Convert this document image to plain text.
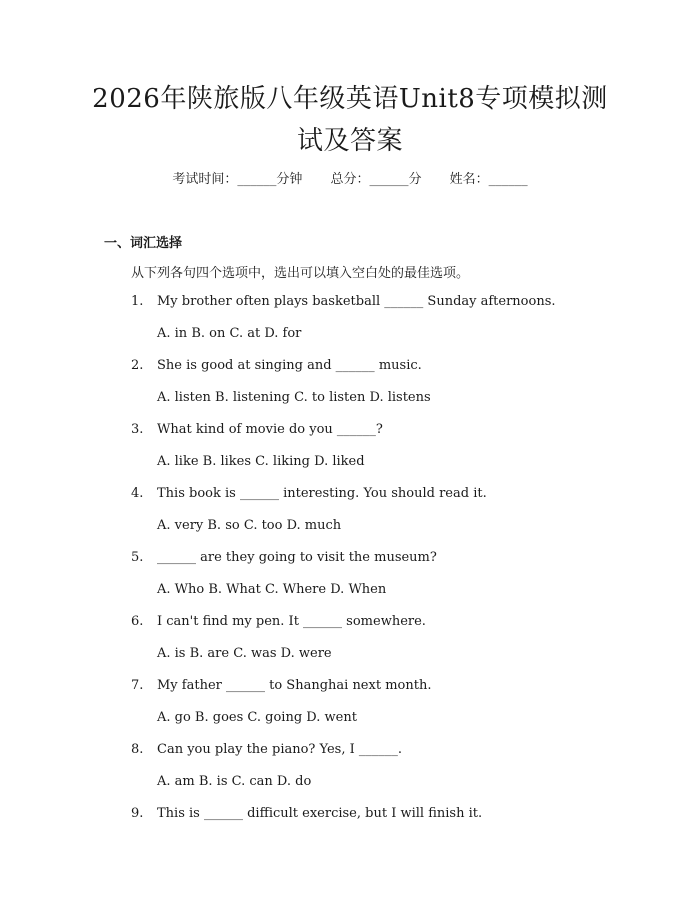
2026年陕旅版八年级英语Unit8专项模拟测
试及答案
考试时间：______分钟 总分：______分 姓名：______
一、词汇选择
从下列各句四个选项中，选出可以填入空白处的最佳选项。
1. My brother often plays basketball ______ Sunday afternoons.
A. in B. on C. at D. for
2. She is good at singing and ______ music.
A. listen B. listening C. to listen D. listens
3. What kind of movie do you ______?
A. like B. likes C. liking D. liked
4. This book is ______ interesting. You should read it.
A. very B. so C. too D. much
5. ______ are they going to visit the museum?
A. Who B. What C. Where D. When
6. I can't find my pen. It ______ somewhere.
A. is B. are C. was D. were
7. My father ______ to Shanghai next month.
A. go B. goes C. going D. went
8. Can you play the piano? Yes, I ______.
A. am B. is C. can D. do
9. This is ______ difficult exercise, but I will finish it.
